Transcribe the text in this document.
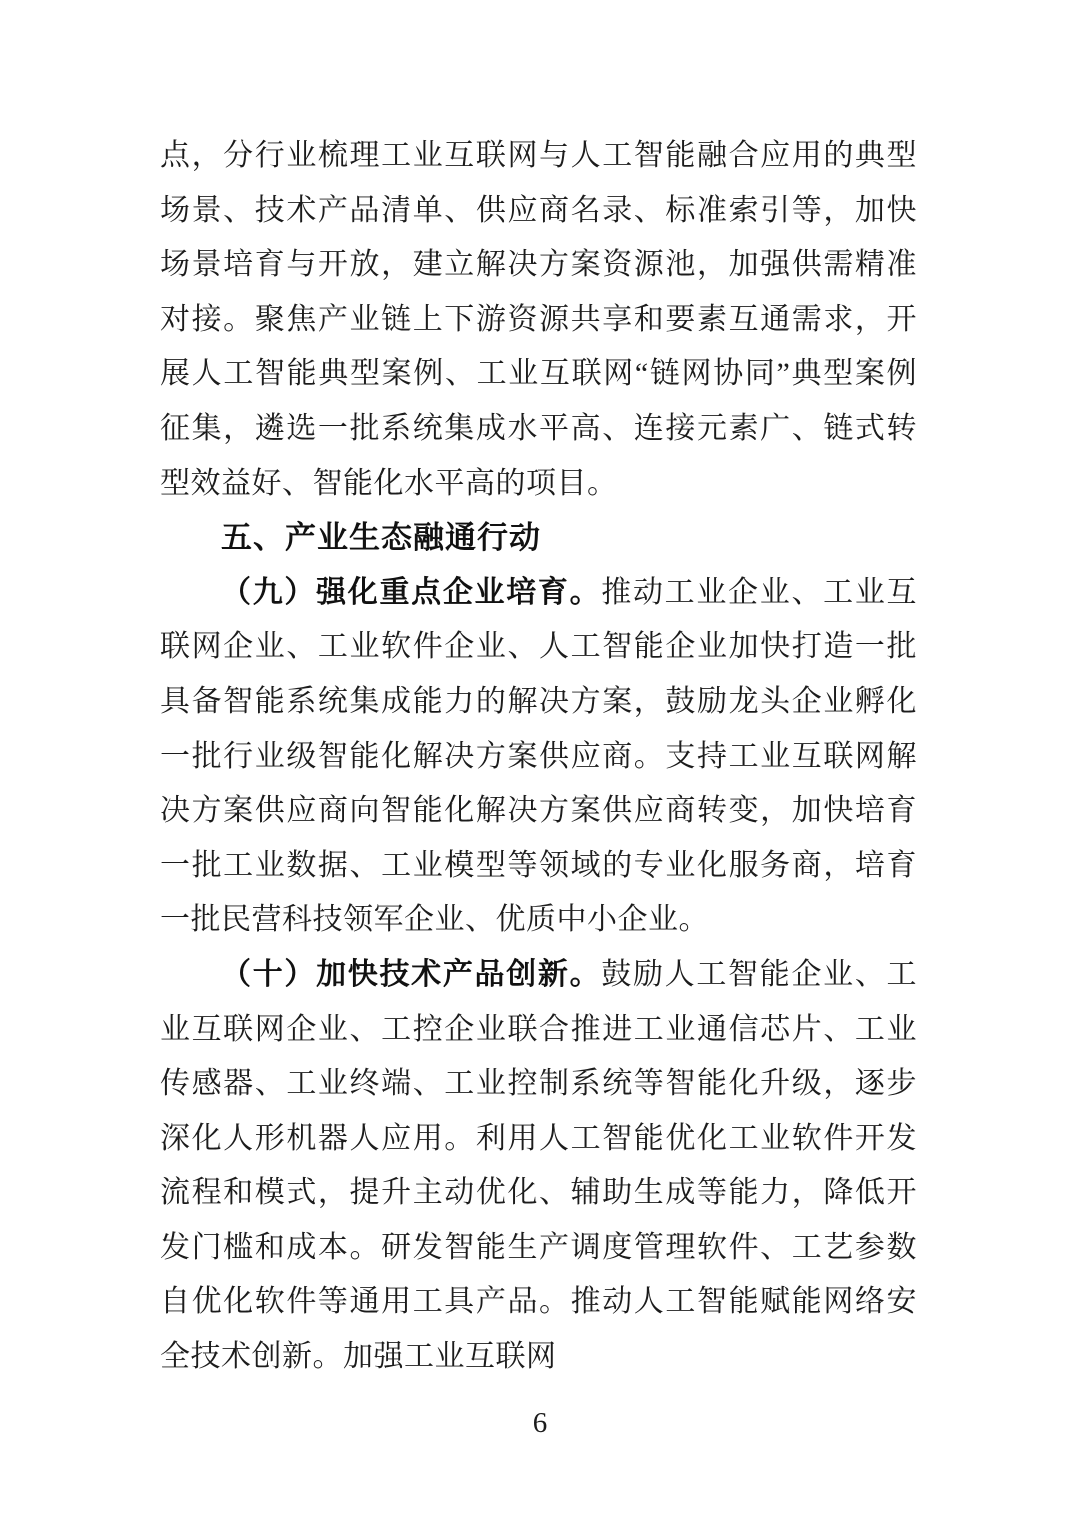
点，分行业梳理工业互联网与人工智能融合应用的典型场景、技术产品清单、供应商名录、标准索引等，加快场景培育与开放，建立解决方案资源池，加强供需精准对接。聚焦产业链上下游资源共享和要素互通需求，开展人工智能典型案例、工业互联网“链网协同”典型案例征集，遴选一批系统集成水平高、连接元素广、链式转型效益好、智能化水平高的项目。

五、产业生态融通行动

（九）强化重点企业培育。推动工业企业、工业互联网企业、工业软件企业、人工智能企业加快打造一批具备智能系统集成能力的解决方案，鼓励龙头企业孵化一批行业级智能化解决方案供应商。支持工业互联网解决方案供应商向智能化解决方案供应商转变，加快培育一批工业数据、工业模型等领域的专业化服务商，培育一批民营科技领军企业、优质中小企业。

（十）加快技术产品创新。鼓励人工智能企业、工业互联网企业、工控企业联合推进工业通信芯片、工业传感器、工业终端、工业控制系统等智能化升级，逐步深化人形机器人应用。利用人工智能优化工业软件开发流程和模式，提升主动优化、辅助生成等能力，降低开发门槛和成本。研发智能生产调度管理软件、工艺参数自优化软件等通用工具产品。推动人工智能赋能网络安全技术创新。加强工业互联网

6
